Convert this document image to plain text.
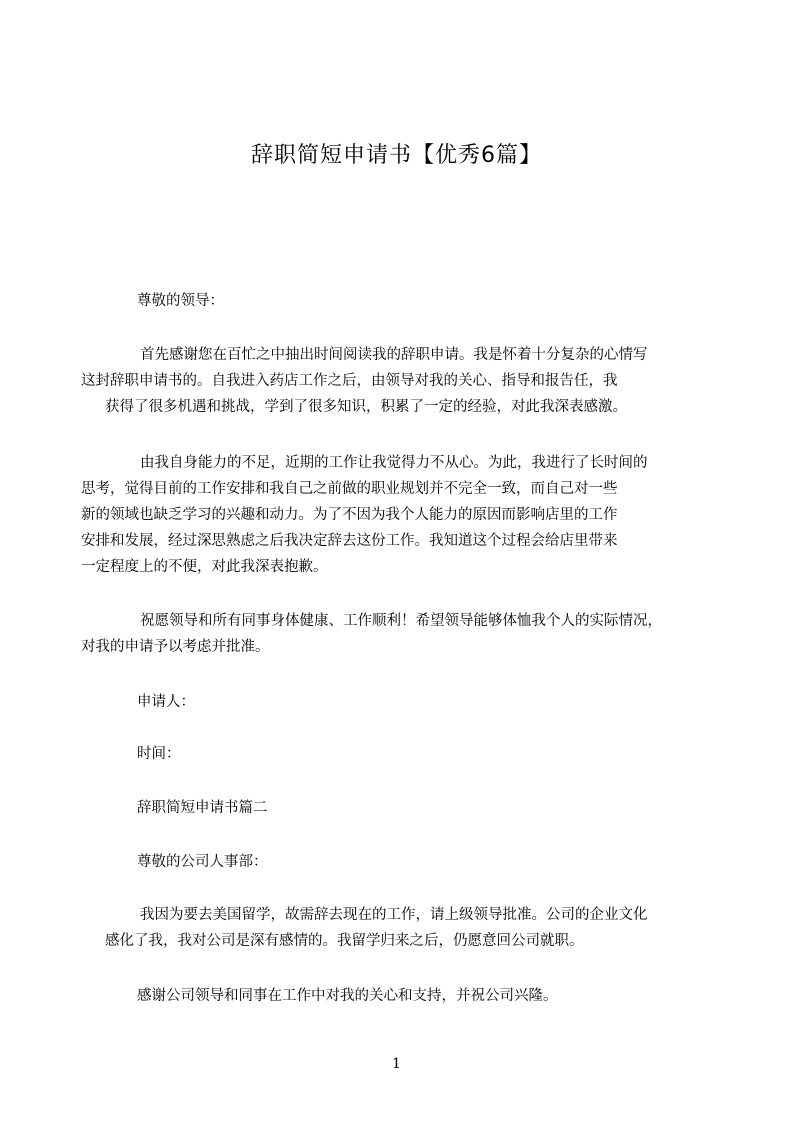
辞职简短申请书【优秀6篇】
尊敬的领导：
首先感谢您在百忙之中抽出时间阅读我的辞职申请。我是怀着十分复杂的心情写
这封辞职申请书的。自我进入药店工作之后，由领导对我的关心、指导和报告任，我
获得了很多机遇和挑战，学到了很多知识，积累了一定的经验，对此我深表感激。
由我自身能力的不足，近期的工作让我觉得力不从心。为此，我进行了长时间的
思考，觉得目前的工作安排和我自己之前做的职业规划并不完全一致，而自己对一些
新的领域也缺乏学习的兴趣和动力。为了不因为我个人能力的原因而影响店里的工作
安排和发展，经过深思熟虑之后我决定辞去这份工作。我知道这个过程会给店里带来
一定程度上的不便，对此我深表抱歉。
祝愿领导和所有同事身体健康、工作顺利！希望领导能够体恤我个人的实际情况，
对我的申请予以考虑并批准。
申请人：
时间：
辞职简短申请书篇二
尊敬的公司人事部：
我因为要去美国留学，故需辞去现在的工作，请上级领导批准。公司的企业文化
感化了我，我对公司是深有感情的。我留学归来之后，仍愿意回公司就职。
感谢公司领导和同事在工作中对我的关心和支持，并祝公司兴隆。
1
